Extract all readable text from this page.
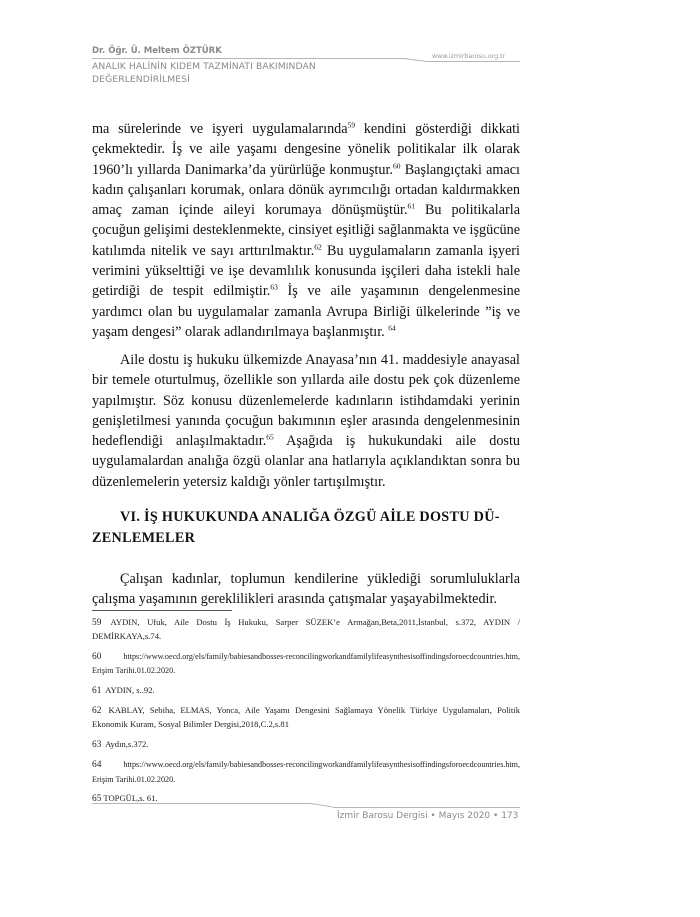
Dr. Öğr. Ü. Meltem ÖZTÜRK
www.izmirbarosu.org.tr
ANALIK HALİNİN KIDEM TAZMİNATI BAKIMINDAN
DEĞERLENDİRİLMESİ

ma sürelerinde ve işyeri uygulamalarında$^{59}$ kendini gösterdiği dikkati çekmektedir. İş ve aile yaşamı dengesine yönelik politikalar ilk olarak 1960’lı yıllarda Danimarka’da yürürlüğe konmuştur.$^{60}$ Başlangıçtaki amacı kadın çalışanları korumak, onlara dönük ayrımcılığı ortadan kaldırmakken amaç zaman içinde aileyi korumaya dönüşmüştür.$^{61}$ Bu politikalarla çocuğun gelişimi desteklenmekte, cinsiyet eşitliği sağlanmakta ve işgücüne katılımda nitelik ve sayı arttırılmaktır.$^{62}$ Bu uygulamaların zamanla işyeri verimini yükselttiği ve işe devamlılık konusunda işçileri daha istekli hale getirdiği de tespit edilmiştir.$^{63}$ İş ve aile yaşamının dengelenmesine yardımcı olan bu uygulamalar zamanla Avrupa Birliği ülkelerinde ”iş ve yaşam dengesi” olarak adlandırılmaya başlanmıştır. $^{64}$

Aile dostu iş hukuku ülkemizde Anayasa’nın 41. maddesiyle anayasal bir temele oturtulmuş, özellikle son yıllarda aile dostu pek çok düzenleme yapılmıştır. Söz konusu düzenlemelerde kadınların istihdamdaki yerinin genişletilmesi yanında çocuğun bakımının eşler arasında dengelenmesinin hedeflendiği anlaşılmaktadır.$^{65}$ Aşağıda iş hukukundaki aile dostu uygulamalardan analığa özgü olanlar ana hatlarıyla açıklandıktan sonra bu düzenlemelerin yetersiz kaldığı yönler tartışılmıştır.

VI. İŞ HUKUKUNDA ANALIĞA ÖZGÜ AİLE DOSTU DÜ-
ZENLEMELER

Çalışan kadınlar, toplumun kendilerine yüklediği sorumluluklarla çalışma yaşamının gereklilikleri arasında çatışmalar yaşayabilmektedir.

59 AYDIN, Ufuk, Aile Dostu İş Hukuku, Sarper SÜZEK’e Armağan,Beta,2011,İstanbul, s.372, AYDIN / DEMİRKAYA,s.74.

60	https://www.oecd.org/els/family/babiesandbosses-reconcilingworkandfamilylifeasynthesisoffindingsforoecdcountries.htm, Erişim Tarihi.01.02.2020.

61 AYDIN, s..92.

62 KABLAY, Sebiha, ELMAS, Yonca, Aile Yaşamı Dengesini Sağlamaya Yönelik Türkiye Uygulamaları, Politik Ekonomik Kuram, Sosyal Bilimler Dergisi,2018,C.2,s.81

63 Aydın,s.372.

64	https://www.oecd.org/els/family/babiesandbosses-reconcilingworkandfamilylifeasynthesisoffindingsforoecdcountries.htm, Erişim Tarihi.01.02.2020.

65 TOPGÜL,s. 61.

İzmir Barosu Dergisi • Mayıs 2020 • 173
